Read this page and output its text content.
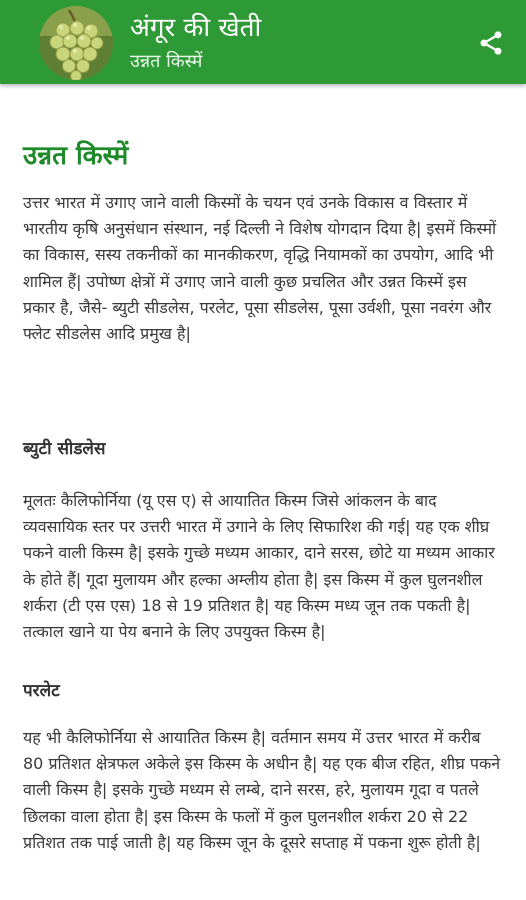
अंगूर की खेती
उन्नत किस्में
उन्नत किस्में
उत्तर भारत में उगाए जाने वाली किस्मों के चयन एवं उनके विकास व विस्तार में भारतीय कृषि अनुसंधान संस्थान, नई दिल्ली ने विशेष योगदान दिया है| इसमें किस्मों का विकास, सस्य तकनीकों का मानकीकरण, वृद्धि नियामकों का उपयोग, आदि भी शामिल हैं| उपोष्ण क्षेत्रों में उगाए जाने वाली कुछ प्रचलित और उन्नत किस्में इस प्रकार है, जैसे- ब्युटी सीडलेस, परलेट, पूसा सीडलेस, पूसा उर्वशी, पूसा नवरंग और फ्लेट सीडलेस आदि प्रमुख है|
ब्युटी सीडलेस
मूलतः कैलिफोर्निया (यू एस ए) से आयातित किस्म जिसे आंकलन के बाद व्यवसायिक स्तर पर उत्तरी भारत में उगाने के लिए सिफारिश की गई| यह एक शीघ्र पकने वाली किस्म है| इसके गुच्छे मध्यम आकार, दाने सरस, छोटे या मध्यम आकार के होते हैं| गूदा मुलायम और हल्का अम्लीय होता है| इस किस्म में कुल घुलनशील शर्करा (टी एस एस) 18 से 19 प्रतिशत है| यह किस्म मध्य जून तक पकती है| तत्काल खाने या पेय बनाने के लिए उपयुक्त किस्म है|
परलेट
यह भी कैलिफोर्निया से आयातित किस्म है| वर्तमान समय में उत्तर भारत में करीब 80 प्रतिशत क्षेत्रफल अकेले इस किस्म के अधीन है| यह एक बीज रहित, शीघ्र पकने वाली किस्म है| इसके गुच्छे मध्यम से लम्बे, दाने सरस, हरे, मुलायम गूदा व पतले छिलका वाला होता है| इस किस्म के फलों में कुल घुलनशील शर्करा 20 से 22 प्रतिशत तक पाई जाती है| यह किस्म जून के दूसरे सप्ताह में पकना शुरू होती है|
